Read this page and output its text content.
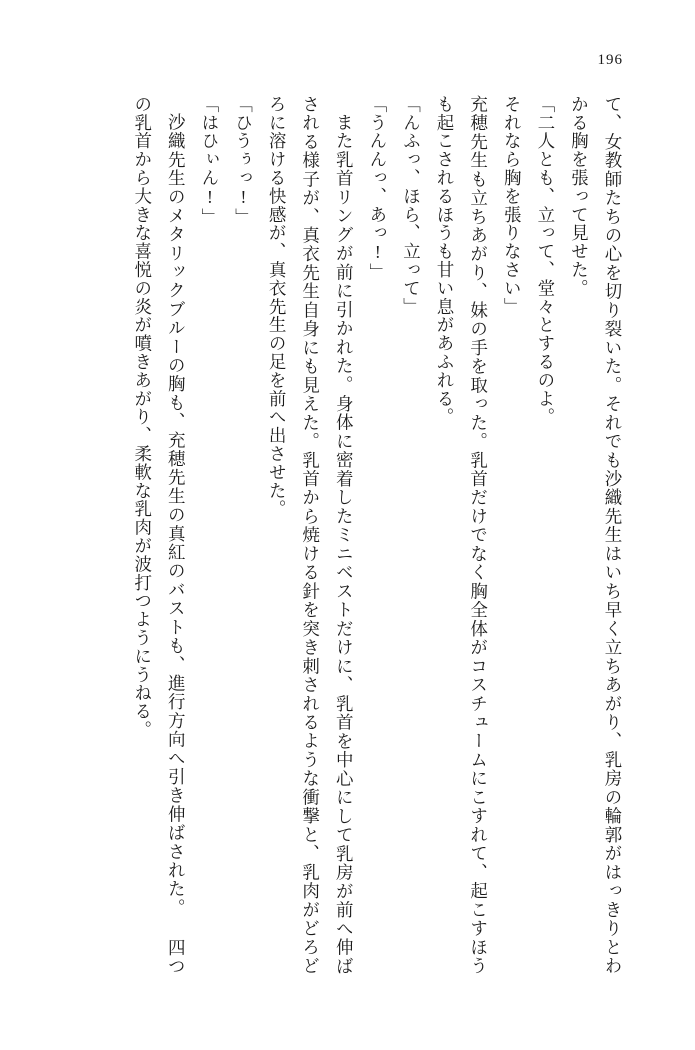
196

て、女教師たちの心を切り裂いた。それでも沙織先生はいち早く立ちあがり、乳房の輪郭がはっきりとわかる胸を張って見せた。

「二人とも、立って、堂々とするのよ。

それなら胸を張りなさい」

充穂先生も立ちあがり、妹の手を取った。乳首だけでなく胸全体がコスチュームにこすれて、起こすほうも起こされるほうも甘い息があふれる。

「んふっ、ほら、立って」

「うんんっ、あっ!」

また乳首リングが前に引かれた。身体に密着したミニベストだけに、乳首を中心にして乳房が前へ伸ばされる様子が、真衣先生自身にも見えた。乳首から焼ける針を突き刺されるような衝撃と、乳肉がどろどろに溶ける快感が、真衣先生の足を前へ出させた。

「ひうぅっ!」

「はひぃん!」

沙織先生のメタリックブルーの胸も、充穂先生の真紅のバストも、進行方向へ引き伸ばされた。 四つの乳首から大きな喜悦の炎が噴きあがり、柔軟な乳肉が波打つようにうねる。
